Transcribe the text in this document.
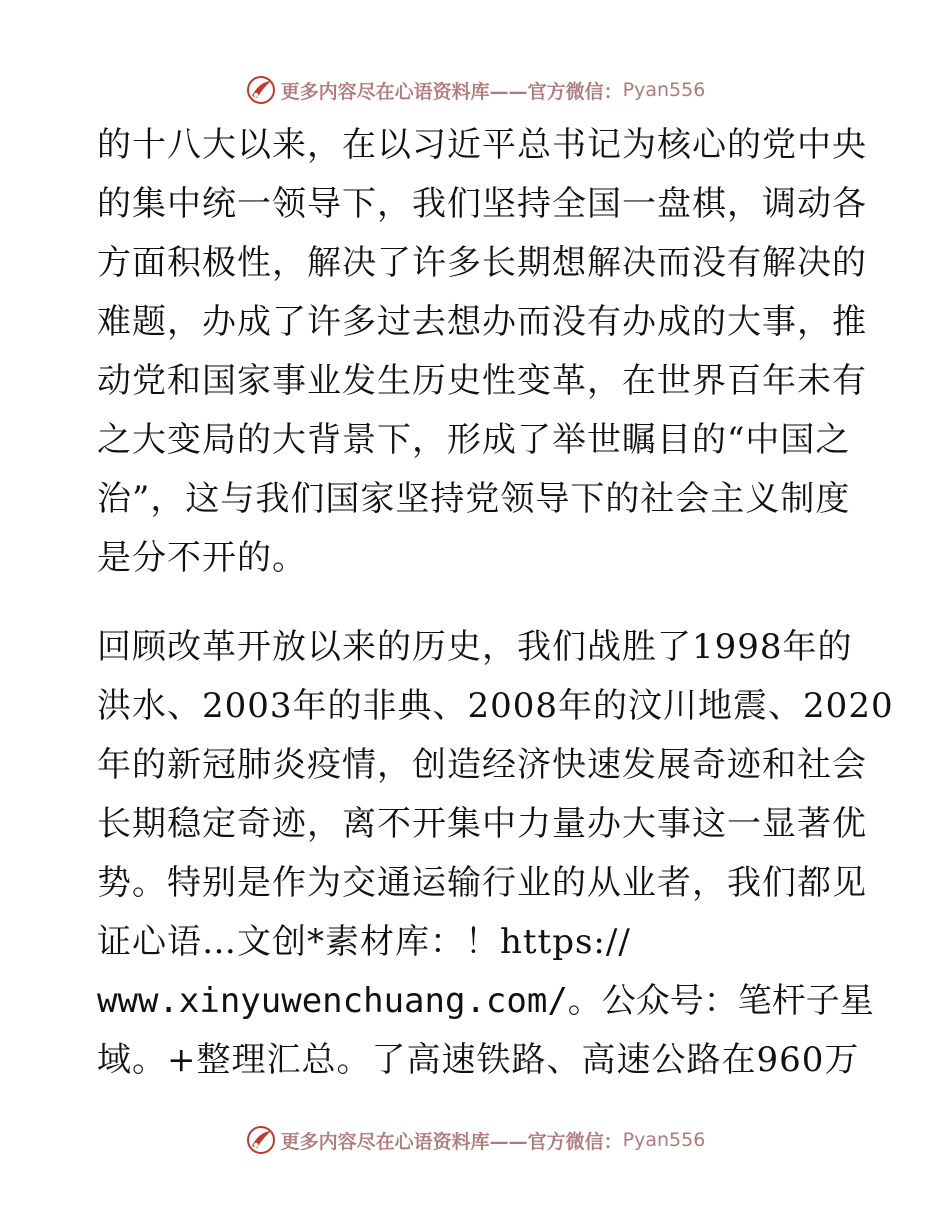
更多内容尽在心语资料库——官方微信： Pyan556
的十八大以来，在以习近平总书记为核心的党中央
的集中统一领导下，我们坚持全国一盘棋，调动各
方面积极性，解决了许多长期想解决而没有解决的
难题，办成了许多过去想办而没有办成的大事，推
动党和国家事业发生历史性变革，在世界百年未有
之大变局的大背景下，形成了举世瞩目的“中国之
治”，这与我们国家坚持党领导下的社会主义制度
是分不开的。
回顾改革开放以来的历史，我们战胜了1998年的
洪水、2003年的非典、2008年的汶川地震、2020
年的新冠肺炎疫情，创造经济快速发展奇迹和社会
长期稳定奇迹，离不开集中力量办大事这一显著优
势。特别是作为交通运输行业的从业者，我们都见
证心语…文创*素材库：！https://
www.xinyuwenchuang.com/。公众号：笔杆子星
域。+整理汇总。了高速铁路、高速公路在960万
更多内容尽在心语资料库——官方微信： Pyan556
